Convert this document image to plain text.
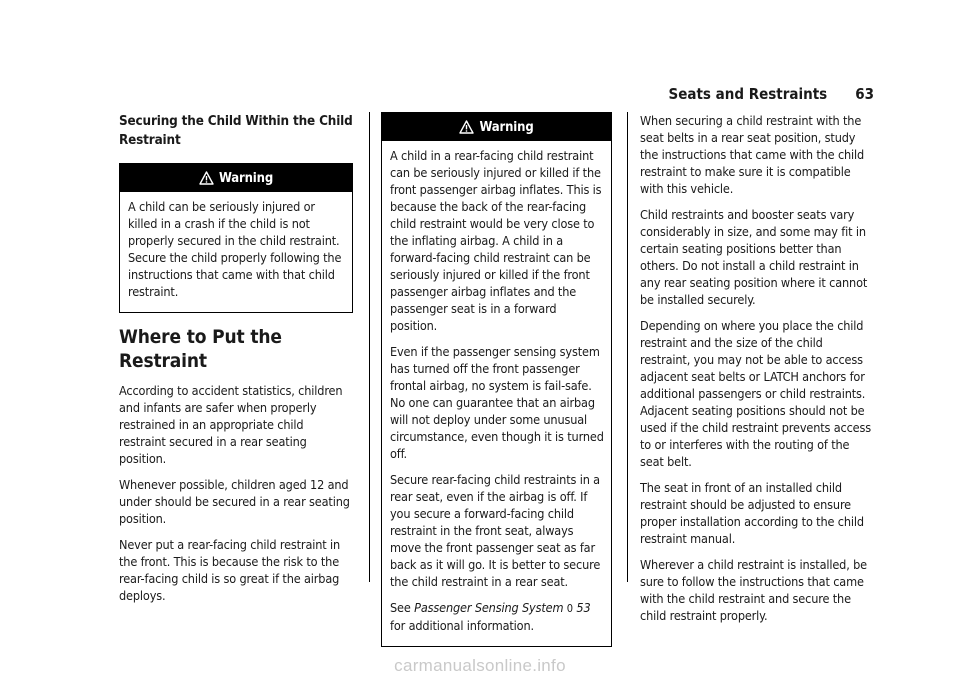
Seats and Restraints 63
Securing the Child Within the Child Restraint
Warning

A child can be seriously injured or killed in a crash if the child is not properly secured in the child restraint. Secure the child properly following the instructions that came with that child restraint.

Where to Put the Restraint

According to accident statistics, children and infants are safer when properly restrained in an appropriate child restraint secured in a rear seating position.

Whenever possible, children aged 12 and under should be secured in a rear seating position.

Never put a rear-facing child restraint in the front. This is because the risk to the rear-facing child is so great if the airbag deploys.

Warning

A child in a rear-facing child restraint can be seriously injured or killed if the front passenger airbag inflates. This is because the back of the rear-facing child restraint would be very close to the inflating airbag. A child in a forward-facing child restraint can be seriously injured or killed if the front passenger airbag inflates and the passenger seat is in a forward position.

Even if the passenger sensing system has turned off the front passenger frontal airbag, no system is fail-safe. No one can guarantee that an airbag will not deploy under some unusual circumstance, even though it is turned off.

Secure rear-facing child restraints in a rear seat, even if the airbag is off. If you secure a forward-facing child restraint in the front seat, always move the front passenger seat as far back as it will go. It is better to secure the child restraint in a rear seat.

See Passenger Sensing System 0 53 for additional information.

When securing a child restraint with the seat belts in a rear seat position, study the instructions that came with the child restraint to make sure it is compatible with this vehicle.

Child restraints and booster seats vary considerably in size, and some may fit in certain seating positions better than others. Do not install a child restraint in any rear seating position where it cannot be installed securely.

Depending on where you place the child restraint and the size of the child restraint, you may not be able to access adjacent seat belts or LATCH anchors for additional passengers or child restraints. Adjacent seating positions should not be used if the child restraint prevents access to or interferes with the routing of the seat belt.

The seat in front of an installed child restraint should be adjusted to ensure proper installation according to the child restraint manual.

Wherever a child restraint is installed, be sure to follow the instructions that came with the child restraint and secure the child restraint properly.

carmanualsonline.info
